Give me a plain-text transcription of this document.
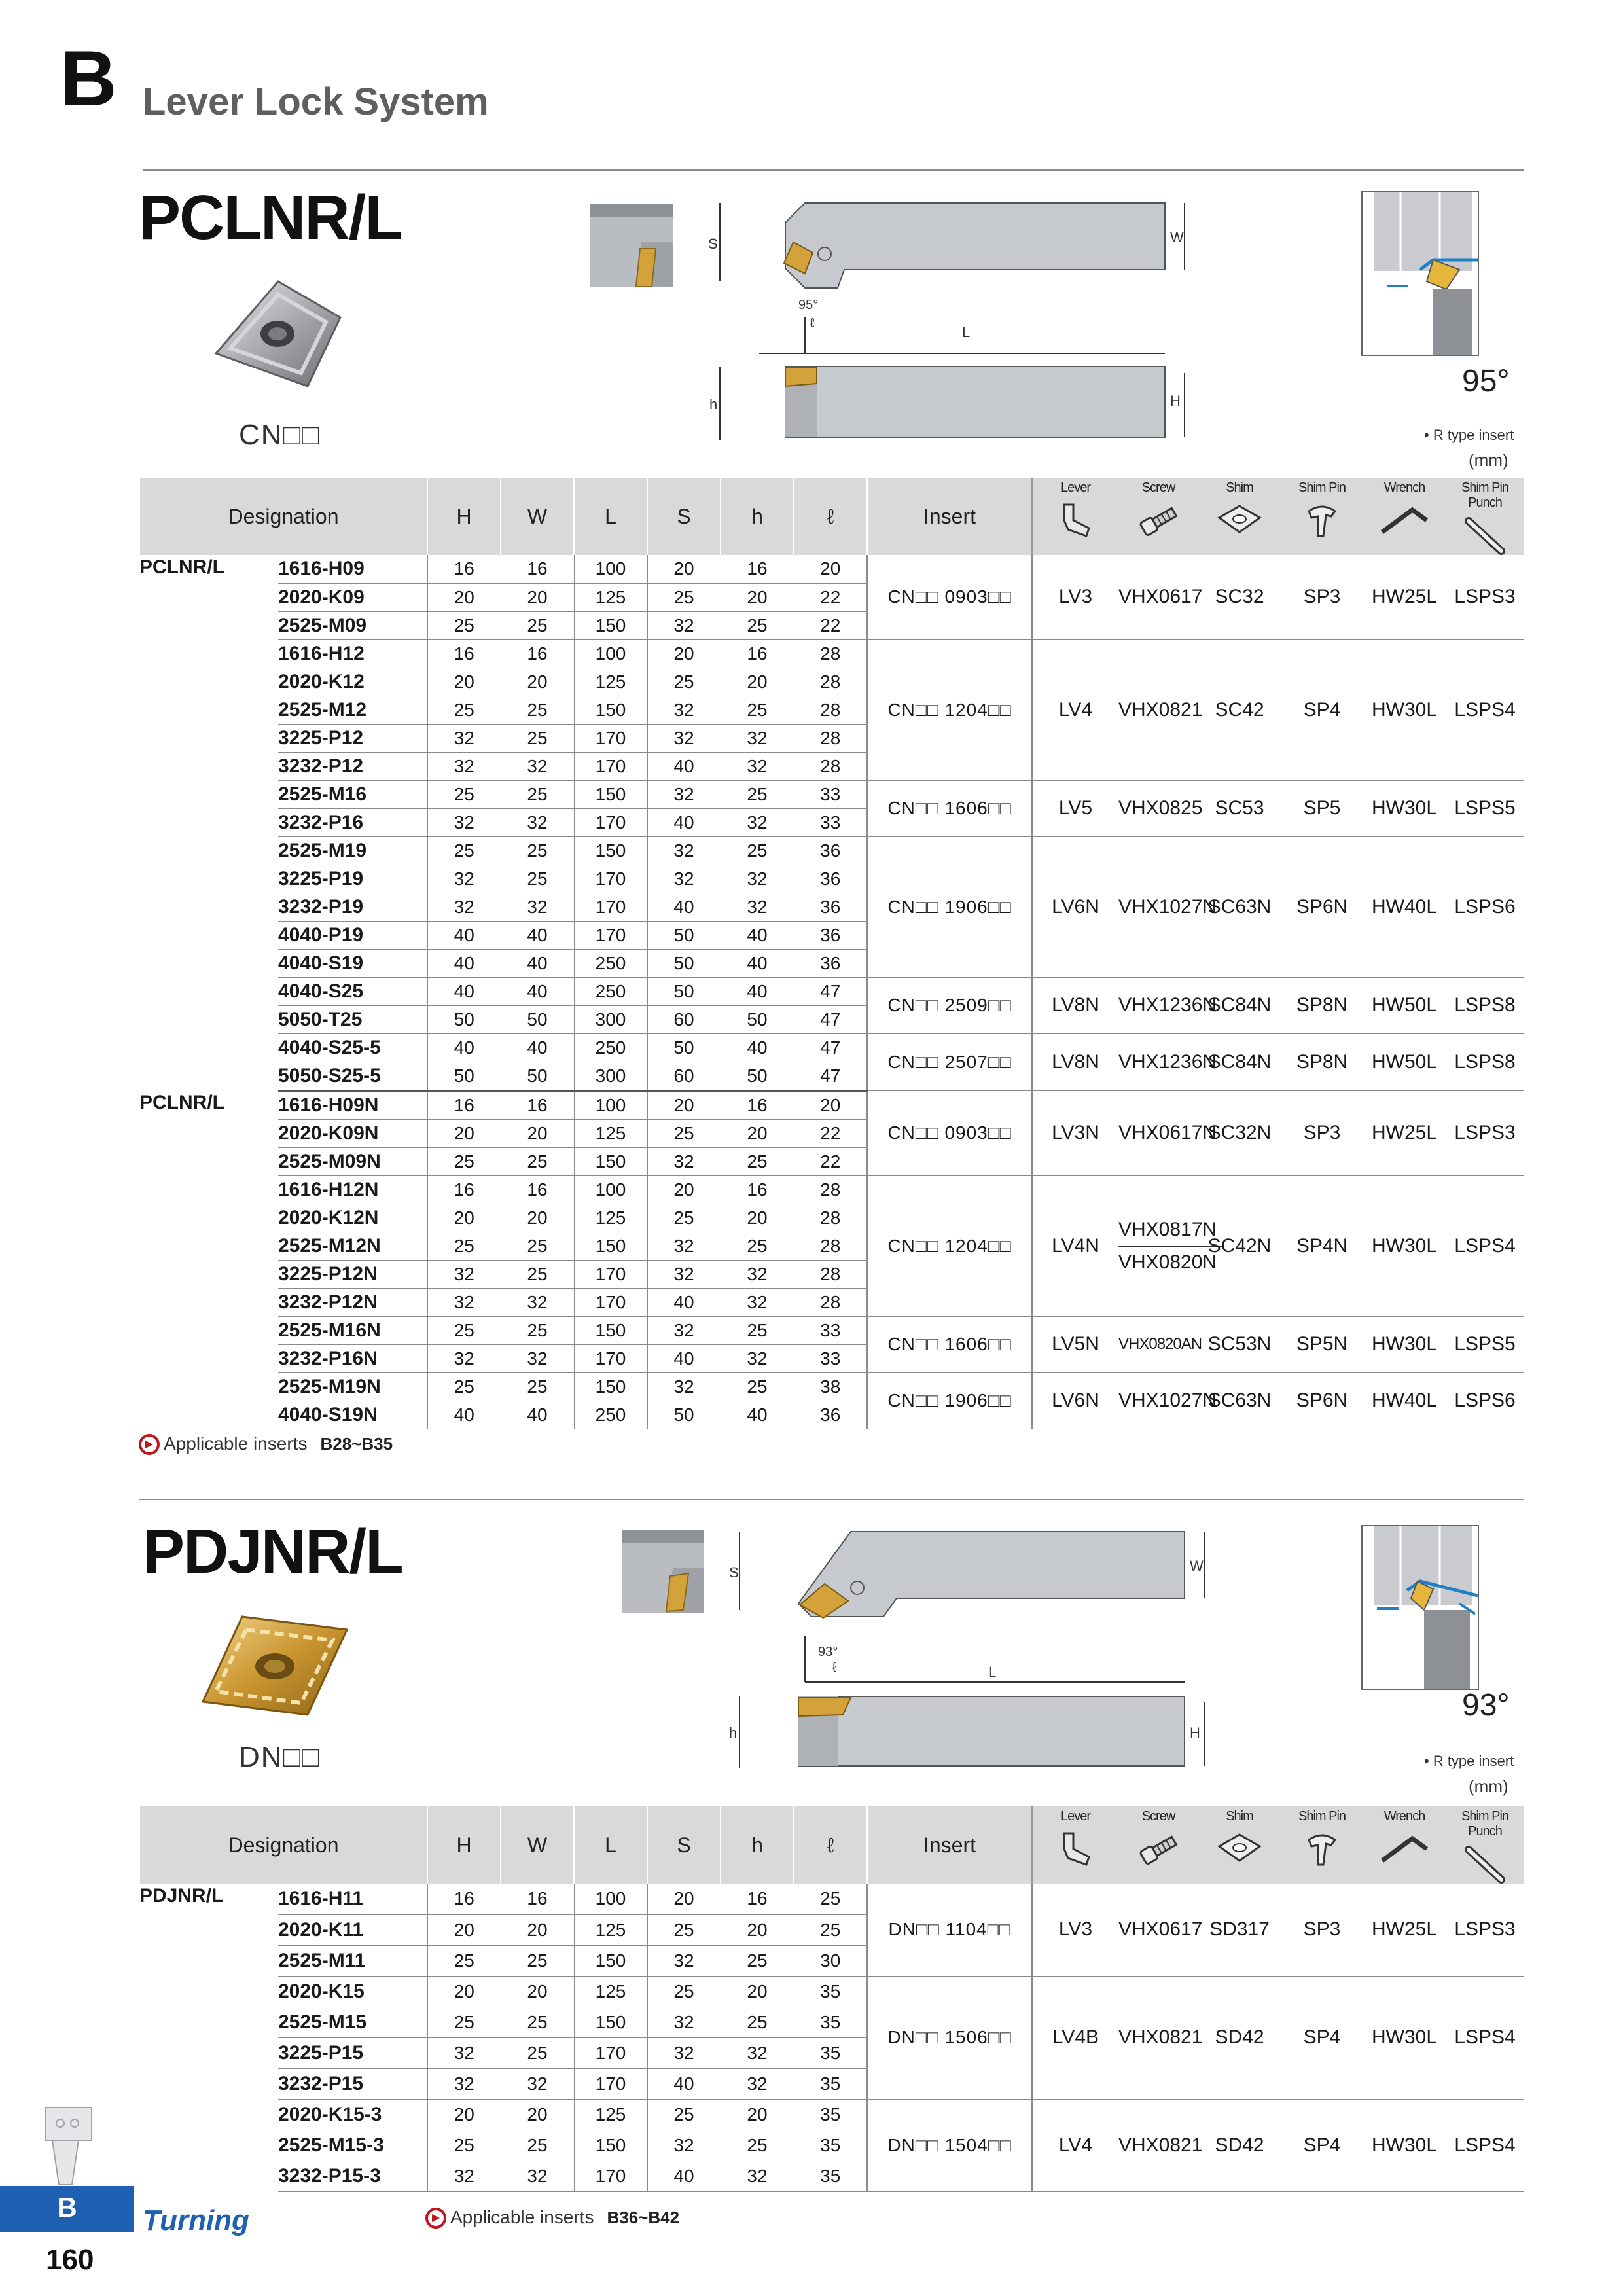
B Lever Lock System
PCLNR/L
CN□□
S	W
95°
ℓ
L
h	H
95°
• R type insert
(mm)
Designation		H	W	L	S	h	ℓ	Insert	Lever	Screw	Shim	Shim Pin	Wrench	Shim Pin Punch

PCLNR/L	1616-H09	16	16	100	20	16	20	CN□□ 0903□□	LV3	VHX0617	SC32	SP3	HW25L	LSPS3
	2020-K09	20	20	125	25	20	22							
	2525-M09	25	25	150	32	25	22							
	1616-H12	16	16	100	20	16	28	CN□□ 1204□□	LV4	VHX0821	SC42	SP4	HW30L	LSPS4
	2020-K12	20	20	125	25	20	28							
	2525-M12	25	25	150	32	25	28							
	3225-P12	32	25	170	32	32	28							
	3232-P12	32	32	170	40	32	28							
	2525-M16	25	25	150	32	25	33	CN□□ 1606□□	LV5	VHX0825	SC53	SP5	HW30L	LSPS5
	3232-P16	32	32	170	40	32	33							
	2525-M19	25	25	150	32	25	36	CN□□ 1906□□	LV6N	VHX1027N	SC63N	SP6N	HW40L	LSPS6
	3225-P19	32	25	170	32	32	36							
	3232-P19	32	32	170	40	32	36							
	4040-P19	40	40	170	50	40	36							
	4040-S19	40	40	250	50	40	36							
	4040-S25	40	40	250	50	40	47	CN□□ 2509□□	LV8N	VHX1236N	SC84N	SP8N	HW50L	LSPS8
	5050-T25	50	50	300	60	50	47							
	4040-S25-5	40	40	250	50	40	47	CN□□ 2507□□	LV8N	VHX1236N	SC84N	SP8N	HW50L	LSPS8
	5050-S25-5	50	50	300	60	50	47							
PCLNR/L	1616-H09N	16	16	100	20	16	20	CN□□ 0903□□	LV3N	VHX0617N	SC32N	SP3	HW25L	LSPS3
	2020-K09N	20	20	125	25	20	22							
	2525-M09N	25	25	150	32	25	22							
	1616-H12N	16	16	100	20	16	28	CN□□ 1204□□	LV4N	VHX0817N
VHX0820N	SC42N	SP4N	HW30L	LSPS4
	2020-K12N	20	20	125	25	20	28							
	2525-M12N	25	25	150	32	25	28							
	3225-P12N	32	25	170	32	32	28							
	3232-P12N	32	32	170	40	32	28							
	2525-M16N	25	25	150	32	25	33	CN□□ 1606□□	LV5N	VHX0820AN	SC53N	SP5N	HW30L	LSPS5
	3232-P16N	32	32	170	40	32	33							
	2525-M19N	25	25	150	32	25	38	CN□□ 1906□□	LV6N	VHX1027N	SC63N	SP6N	HW40L	LSPS6
	4040-S19N	40	40	250	50	40	36							
Applicable inserts B28~B35
PDJNR/L
DN□□
S	W
93°
ℓ	L
h	H
93°
• R type insert
(mm)
Designation		H	W	L	S	h	ℓ	Insert	Lever	Screw	Shim	Shim Pin	Wrench	Shim Pin Punch

PDJNR/L	1616-H11	16	16	100	20	16	25	DN□□ 1104□□	LV3	VHX0617	SD317	SP3	HW25L	LSPS3
	2020-K11	20	20	125	25	20	25							
	2525-M11	25	25	150	32	25	30							
	2020-K15	20	20	125	25	20	35	DN□□ 1506□□	LV4B	VHX0821	SD42	SP4	HW30L	LSPS4
	2525-M15	25	25	150	32	25	35							
	3225-P15	32	25	170	32	32	35							
	3232-P15	32	32	170	40	32	35							
	2020-K15-3	20	20	125	25	20	35	DN□□ 1504□□	LV4	VHX0821	SD42	SP4	HW30L	LSPS4
	2525-M15-3	25	25	150	32	25	35							
	3232-P15-3	32	32	170	40	32	35							
Applicable inserts B36~B42
B	Turning
160
